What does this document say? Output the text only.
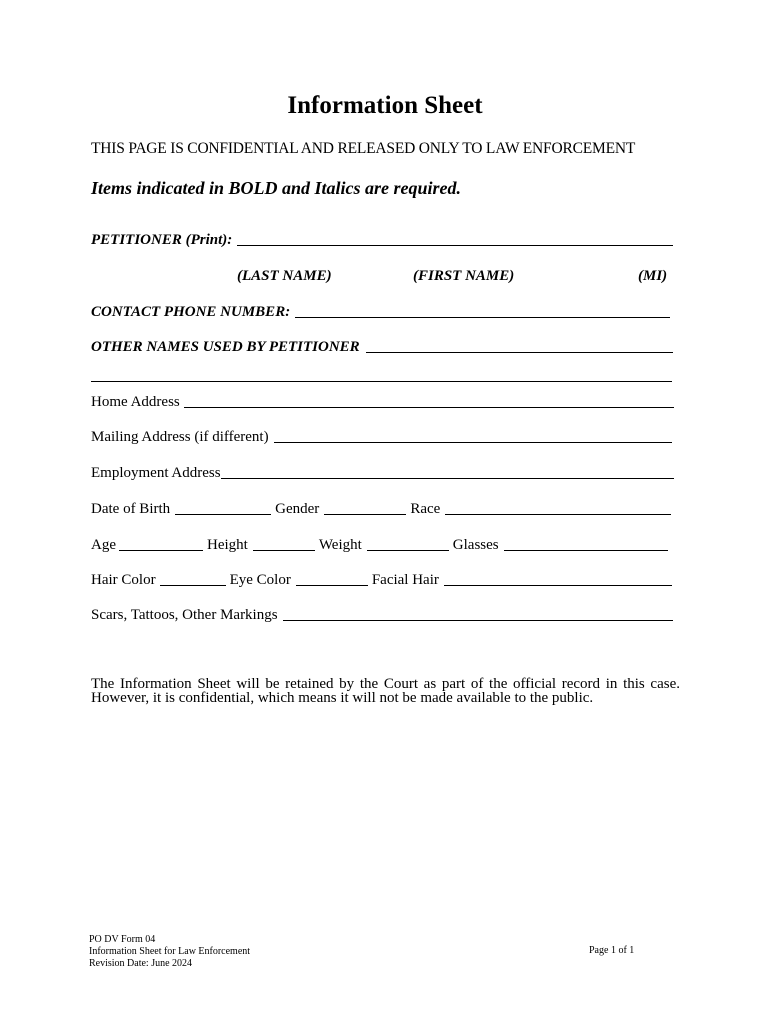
Information Sheet
THIS PAGE IS CONFIDENTIAL AND RELEASED ONLY TO LAW ENFORCEMENT
Items indicated in BOLD and Italics are required.
PETITIONER (Print):
(LAST NAME)	(FIRST NAME)	(MI)
CONTACT PHONE NUMBER:
OTHER NAMES USED BY PETITIONER
Home Address
Mailing Address (if different)
Employment Address
Date of Birth	Gender	Race
Age	Height	Weight	Glasses
Hair Color	Eye Color	Facial Hair
Scars, Tattoos, Other Markings
The Information Sheet will be retained by the Court as part of the official record in this case. However, it is confidential, which means it will not be made available to the public.
PO DV Form 04
Information Sheet for Law Enforcement
Revision Date: June 2024
Page 1 of 1
